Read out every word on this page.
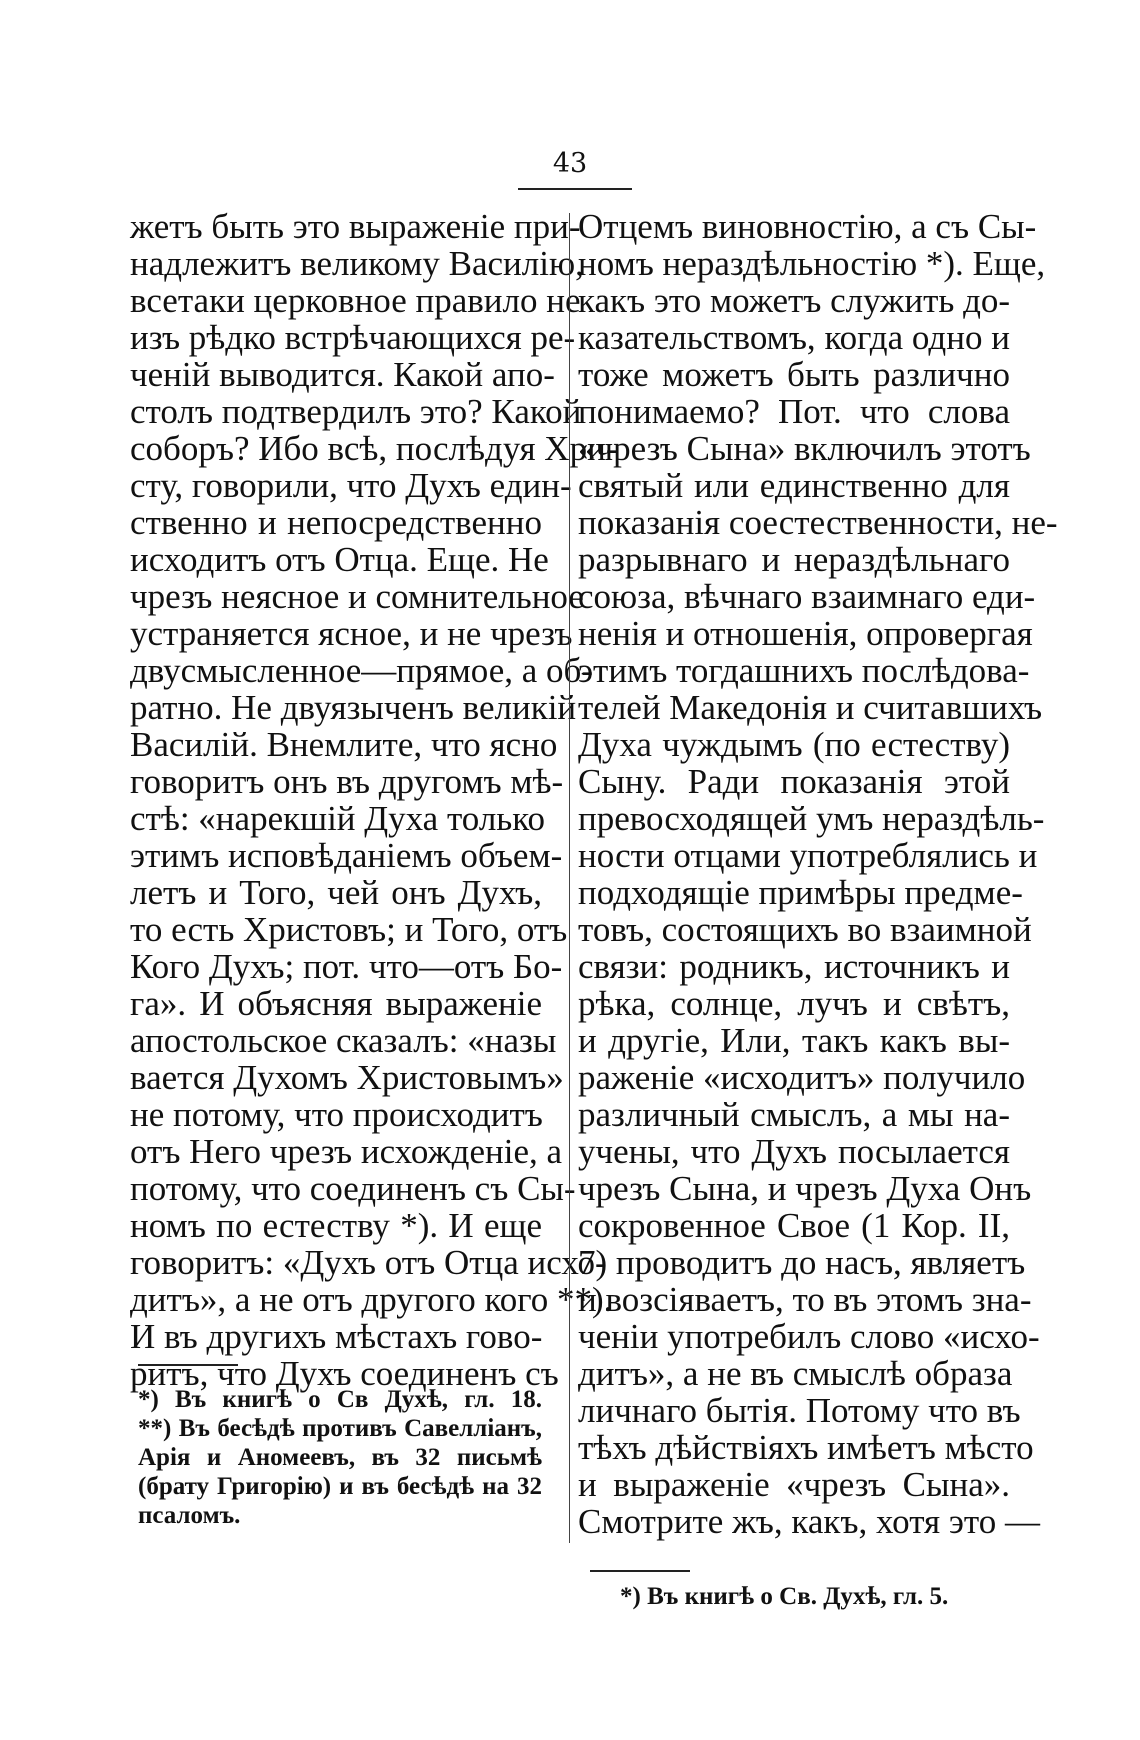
43
жетъ быть это выраженіе при-
надлежитъ великому Василію,
всетаки церковное правило не
изъ рѣдко встрѣчающихся ре-
ченій выводится. Какой апо-
столъ подтвердилъ это? Какой
соборъ? Ибо всѣ, послѣдуя Хри-
сту, говорили, что Духъ един-
ственно и непосредственно
исходитъ отъ Отца. Еще. Не
чрезъ неясное и сомнительное
устраняется ясное, и не чрезъ
двусмысленное—прямое, а об-
ратно. Не двуязыченъ великій
Василій. Внемлите, что ясно
говоритъ онъ въ другомъ мѣ-
стѣ: «нарекшій Духа только
этимъ исповѣданіемъ объем-
летъ и Того, чей онъ Духъ,
то есть Христовъ; и Того, отъ
Кого Духъ; пот. что—отъ Бо-
га». И объясняя выраженіе
апостольское сказалъ: «назы
вается Духомъ Христовымъ»
не потому, что происходитъ
отъ Него чрезъ исхожденіе, а
потому, что соединенъ съ Сы-
номъ по естеству *). И еще
говоритъ: «Духъ отъ Отца исхо-
дитъ», а не отъ другого кого **).
И въ другихъ мѣстахъ гово-
ритъ, что Духъ соединенъ съ
Отцемъ виновностію, а съ Сы-
номъ нераздѣльностію *). Еще,
какъ это можетъ служить до-
казательствомъ, когда одно и
тоже можетъ быть различно
понимаемо? Пот. что слова
«чрезъ Сына» включилъ этотъ
святый или единственно для
показанія соестественности, не-
разрывнаго и нераздѣльнаго
союза, вѣчнаго взаимнаго еди-
ненія и отношенія, опровергая
этимъ тогдашнихъ послѣдова-
телей Македонія и считавшихъ
Духа чуждымъ (по естеству)
Сыну. Ради показанія этой
превосходящей умъ нераздѣль-
ности отцами употреблялись и
подходящіе примѣры предме-
товъ, состоящихъ во взаимной
связи: родникъ, источникъ и
рѣка, солнце, лучъ и свѣтъ,
и другіе, Или, такъ какъ вы-
раженіе «исходитъ» получило
различный смыслъ, а мы на-
учены, что Духъ посылается
чрезъ Сына, и чрезъ Духа Онъ
сокровенное Свое (1 Кор. II,
7) проводитъ до насъ, являетъ
и возсіяваетъ, то въ этомъ зна-
ченіи употребилъ слово «исхо-
дитъ», а не въ смыслѣ образа
личнаго бытія. Потому что въ
тѣхъ дѣйствіяхъ имѣетъ мѣсто
и выраженіе «чрезъ Сына».
Смотрите жъ, какъ, хотя это —
*) Въ книгѣ о Св Духѣ, гл. 18.
**) Въ бесѣдѣ противъ Савелліанъ,
Арія и Аномеевъ, въ 32 письмѣ
(брату Григорію) и въ бесѣдѣ на 32
псаломъ.
*) Въ книгѣ о Св. Духѣ, гл. 5.
